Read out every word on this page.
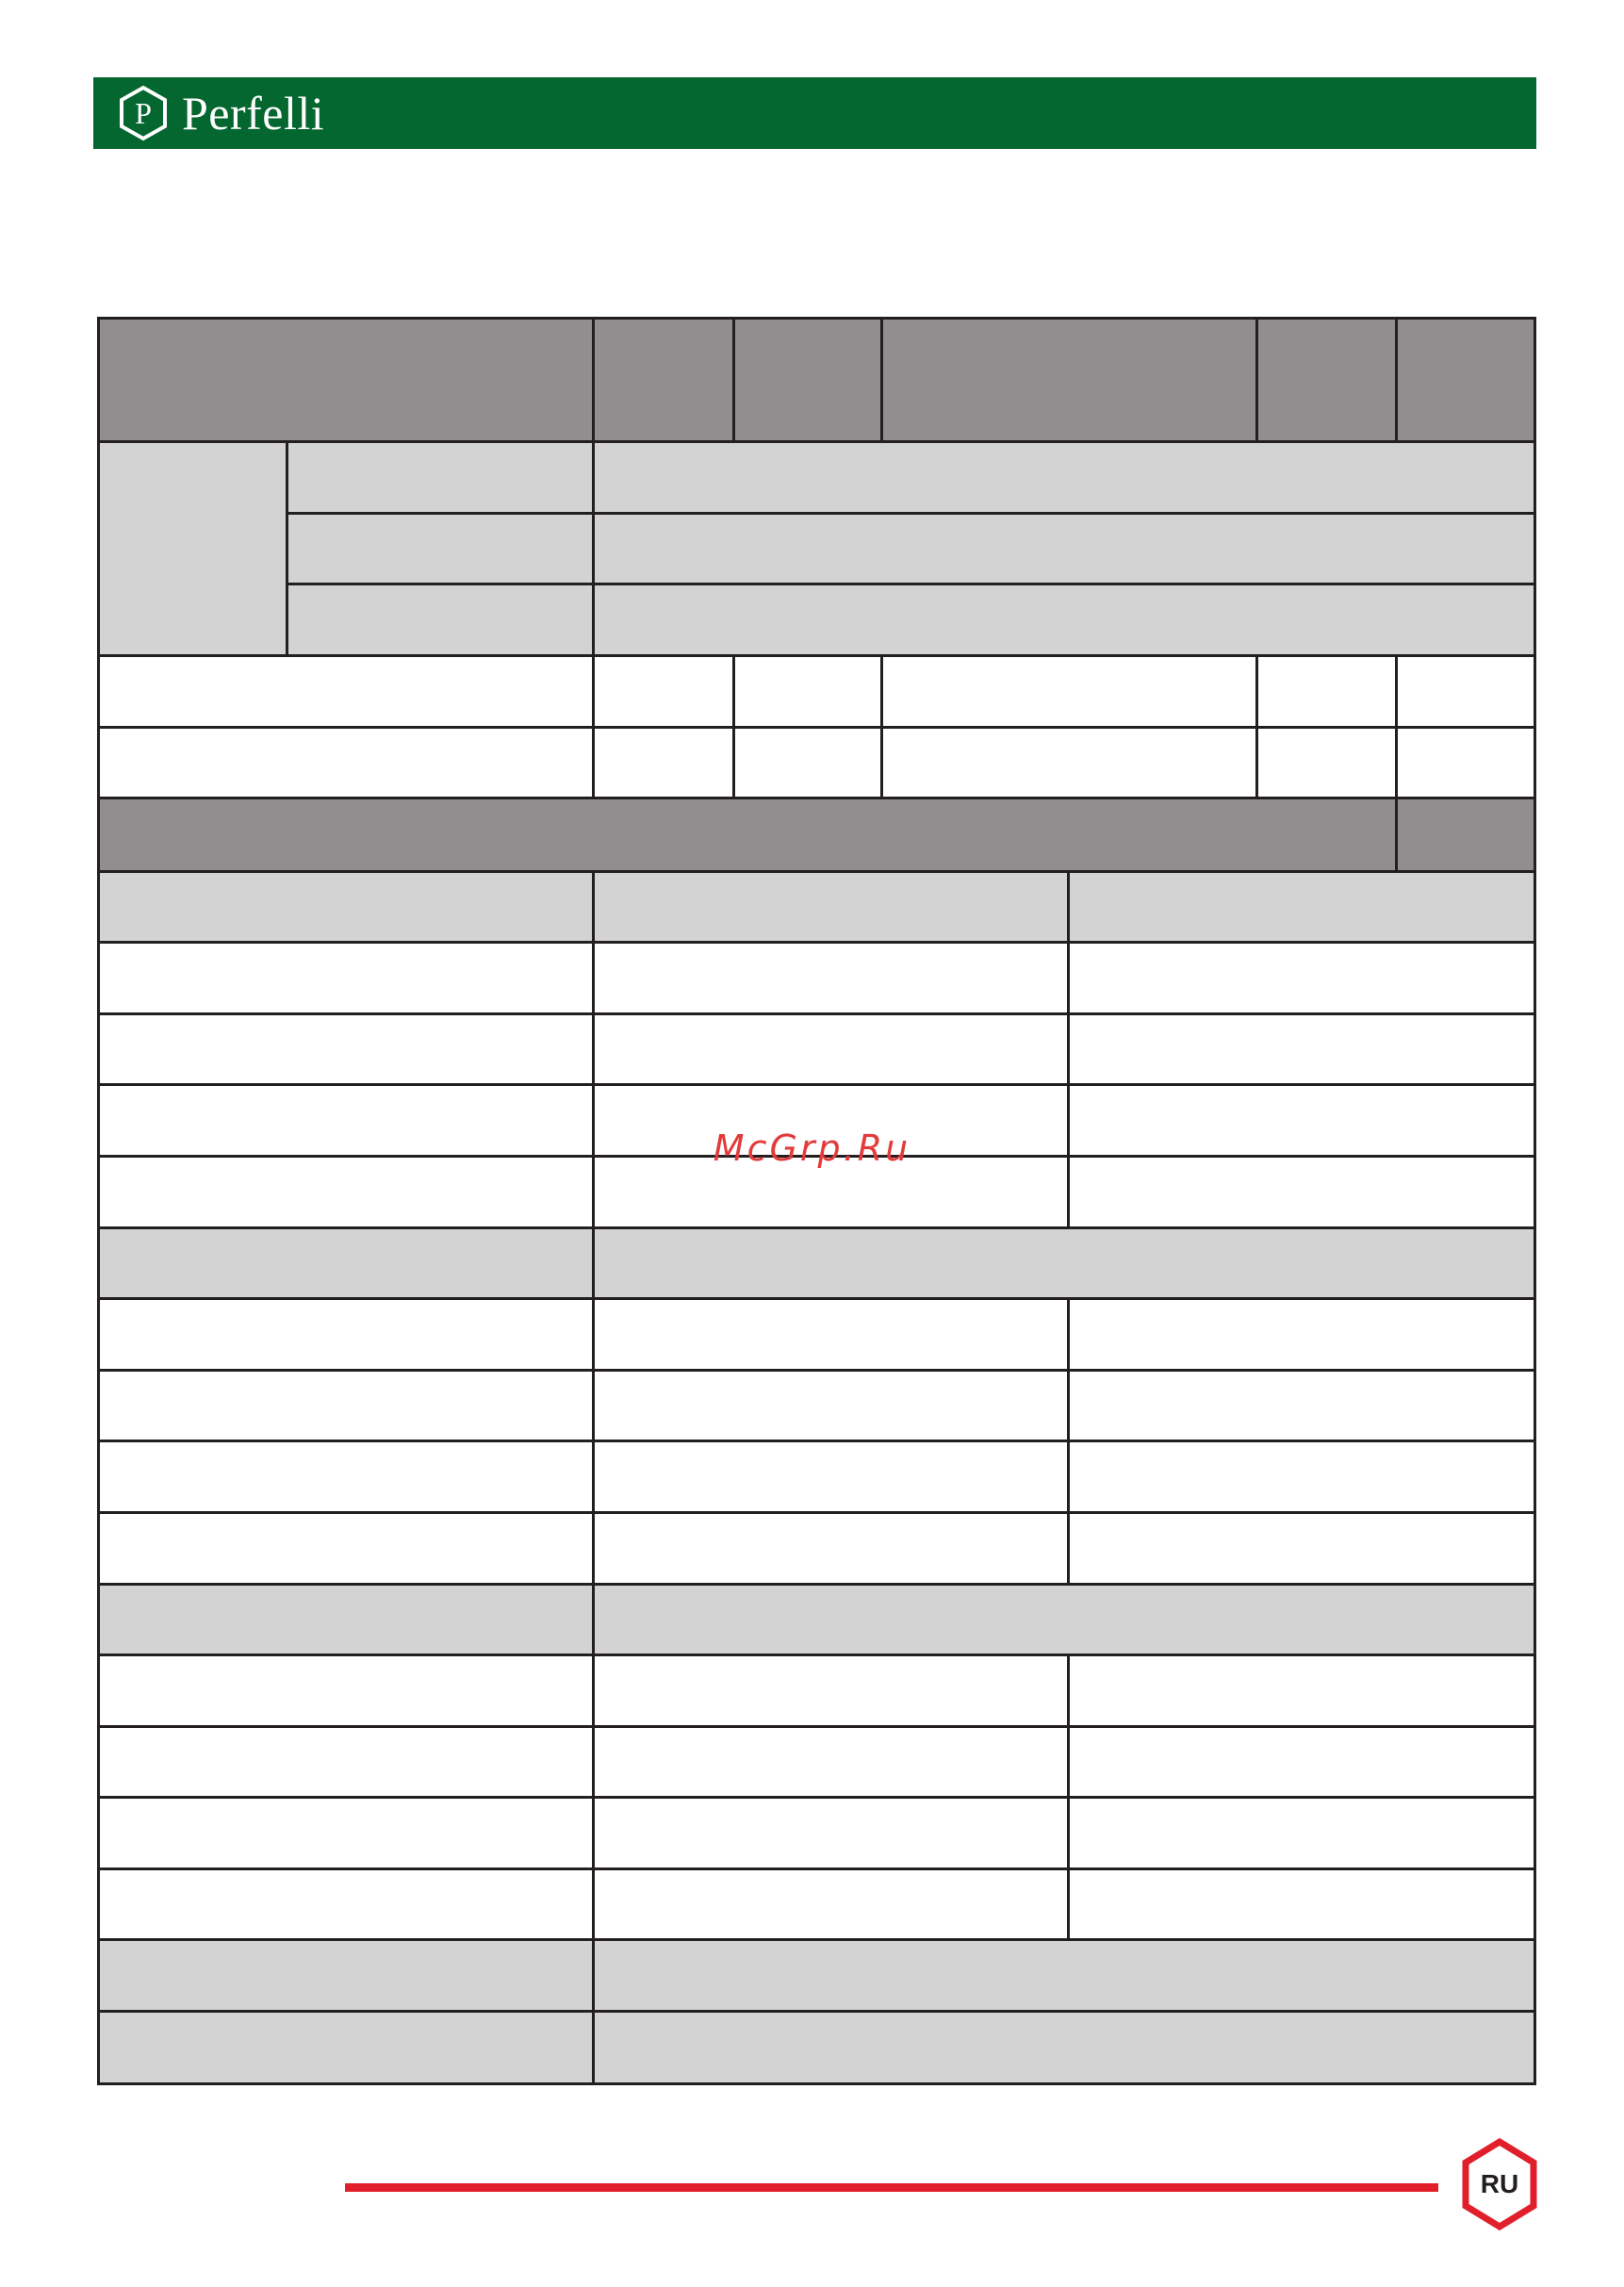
P Perfelli
McGrp.Ru
RU
